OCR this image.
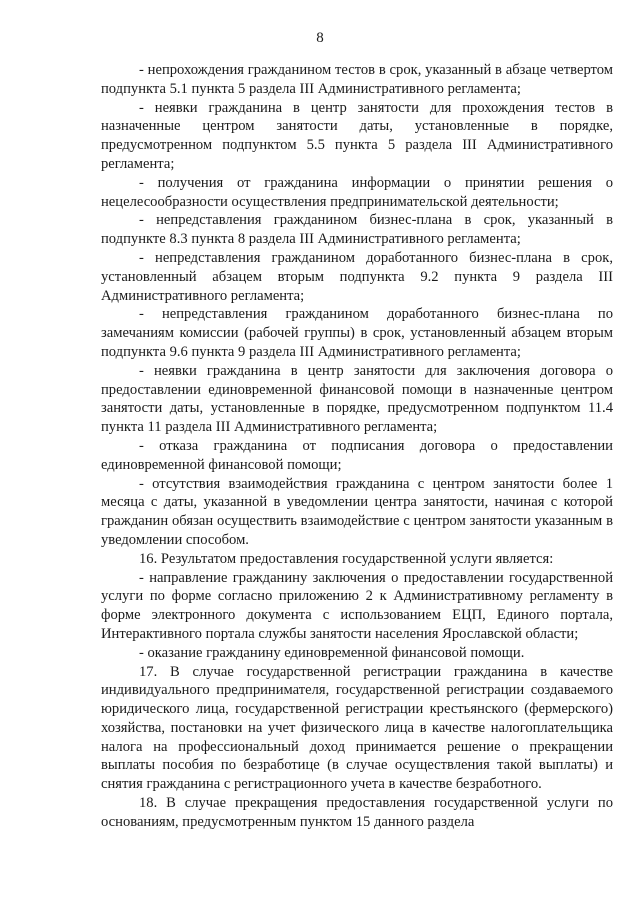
8

- непрохождения гражданином тестов в срок, указанный в абзаце четвертом подпункта 5.1 пункта 5 раздела III Административного регламента;

- неявки гражданина в центр занятости для прохождения тестов в назначенные центром занятости даты, установленные в порядке, предусмотренном подпунктом 5.5 пункта 5 раздела III Административного регламента;

- получения от гражданина информации о принятии решения о нецелесообразности осуществления предпринимательской деятельности;

- непредставления гражданином бизнес-плана в срок, указанный в подпункте 8.3 пункта 8 раздела III Административного регламента;

- непредставления гражданином доработанного бизнес-плана в срок, установленный абзацем вторым подпункта 9.2 пункта 9 раздела III Административного регламента;

- непредставления гражданином доработанного бизнес-плана по замечаниям комиссии (рабочей группы) в срок, установленный абзацем вторым подпункта 9.6 пункта 9 раздела III Административного регламента;

- неявки гражданина в центр занятости для заключения договора о предоставлении единовременной финансовой помощи в назначенные центром занятости даты, установленные в порядке, предусмотренном подпунктом 11.4 пункта 11 раздела III Административного регламента;

- отказа гражданина от подписания договора о предоставлении единовременной финансовой помощи;

- отсутствия взаимодействия гражданина с центром занятости более 1 месяца с даты, указанной в уведомлении центра занятости, начиная с которой гражданин обязан осуществить взаимодействие с центром занятости указанным в уведомлении способом.

16. Результатом предоставления государственной услуги является:

- направление гражданину заключения о предоставлении государственной услуги по форме согласно приложению 2 к Административному регламенту в форме электронного документа с использованием ЕЦП, Единого портала, Интерактивного портала службы занятости населения Ярославской области;

- оказание гражданину единовременной финансовой помощи.

17. В случае государственной регистрации гражданина в качестве индивидуального предпринимателя, государственной регистрации создаваемого юридического лица, государственной регистрации крестьянского (фермерского) хозяйства, постановки на учет физического лица в качестве налогоплательщика налога на профессиональный доход принимается решение о прекращении выплаты пособия по безработице (в случае осуществления такой выплаты) и снятия гражданина с регистрационного учета в качестве безработного.

18. В случае прекращения предоставления государственной услуги по основаниям, предусмотренным пунктом 15 данного раздела
